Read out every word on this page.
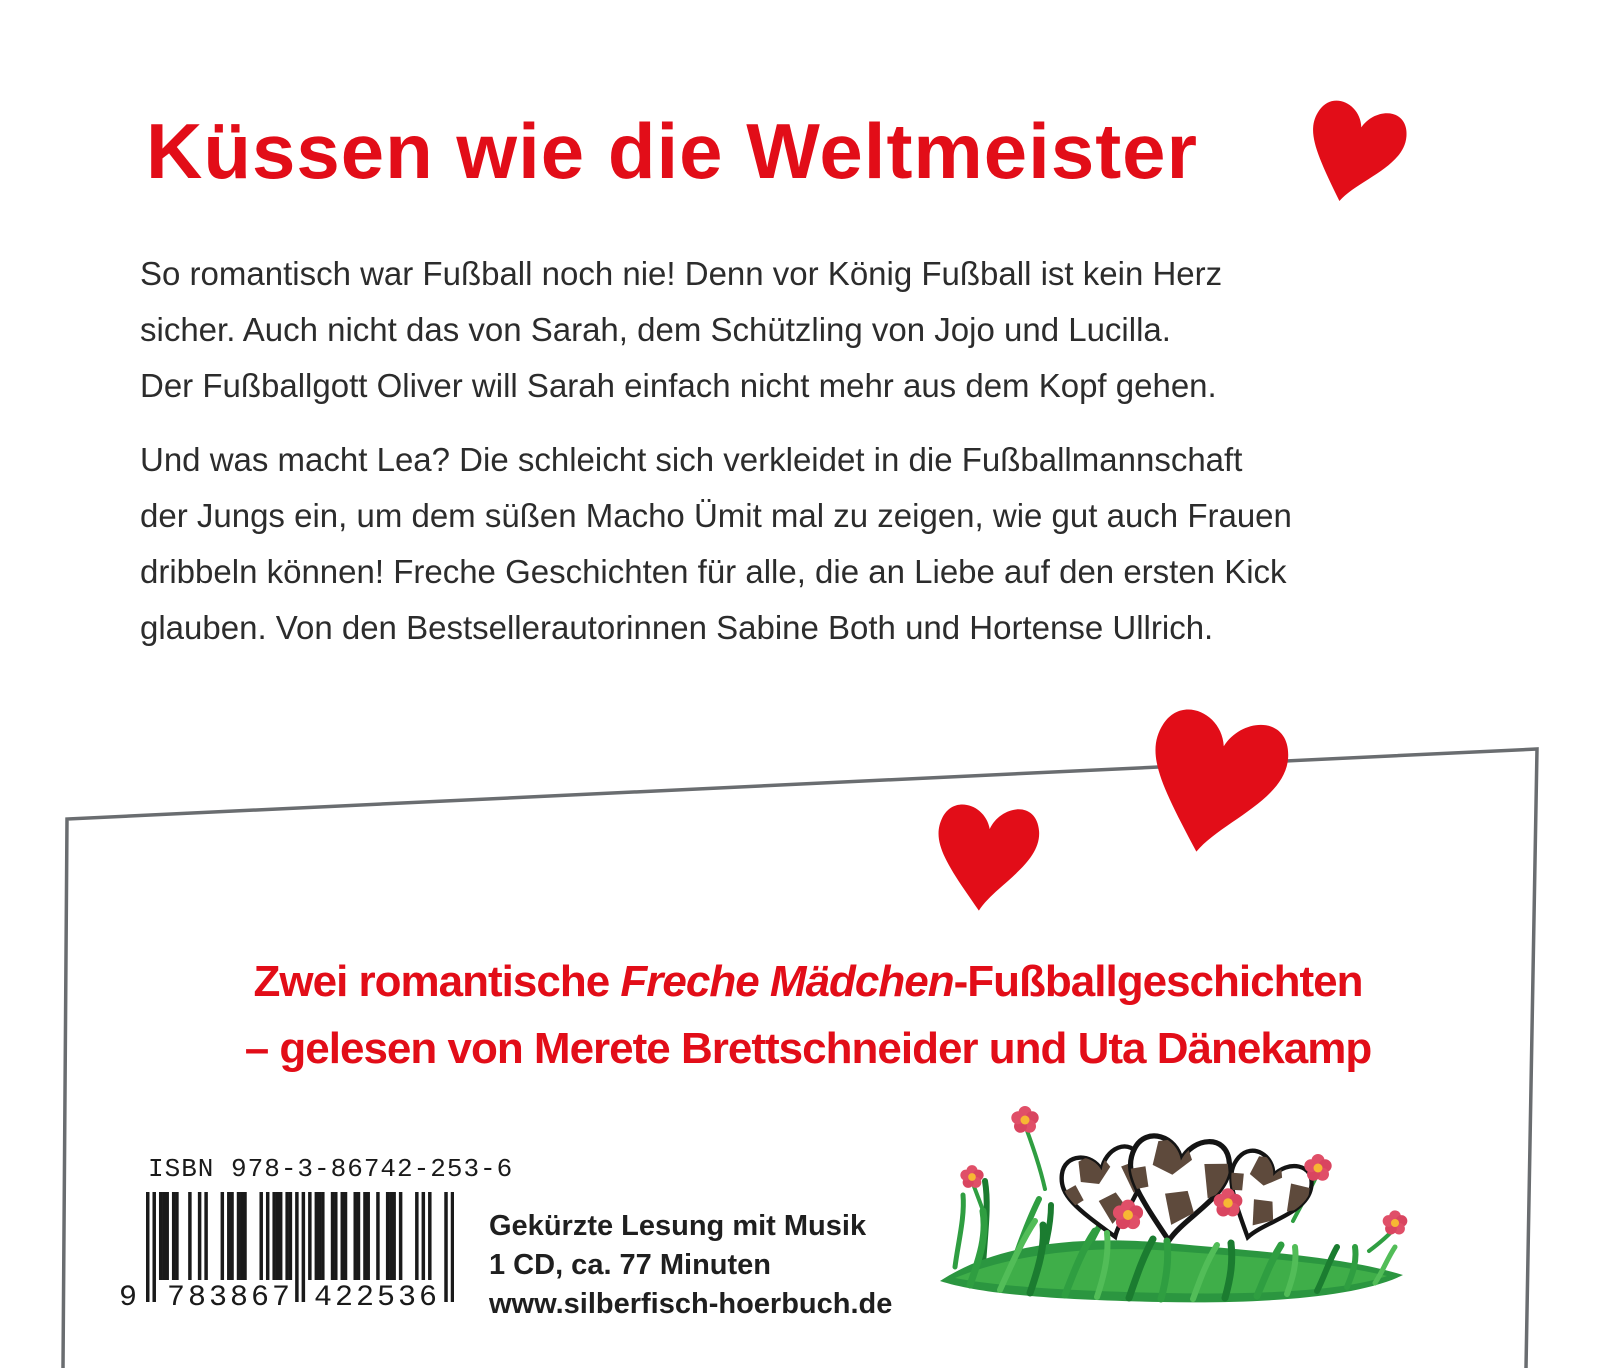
Küssen wie die Weltmeister
So romantisch war Fußball noch nie! Denn vor König Fußball ist kein Herz
sicher. Auch nicht das von Sarah, dem Schützling von Jojo und Lucilla.
Der Fußballgott Oliver will Sarah einfach nicht mehr aus dem Kopf gehen.
Und was macht Lea? Die schleicht sich verkleidet in die Fußballmannschaft
der Jungs ein, um dem süßen Macho Ümit mal zu zeigen, wie gut auch Frauen
dribbeln können! Freche Geschichten für alle, die an Liebe auf den ersten Kick
glauben. Von den Bestsellerautorinnen Sabine Both und Hortense Ullrich.
Zwei romantische Freche Mädchen-Fußballgeschichten
– gelesen von Merete Brettschneider und Uta Dänekamp
ISBN 978-3-86742-253-6
9 783867 422536
Gekürzte Lesung mit Musik
1 CD, ca. 77 Minuten
www.silberfisch-hoerbuch.de
